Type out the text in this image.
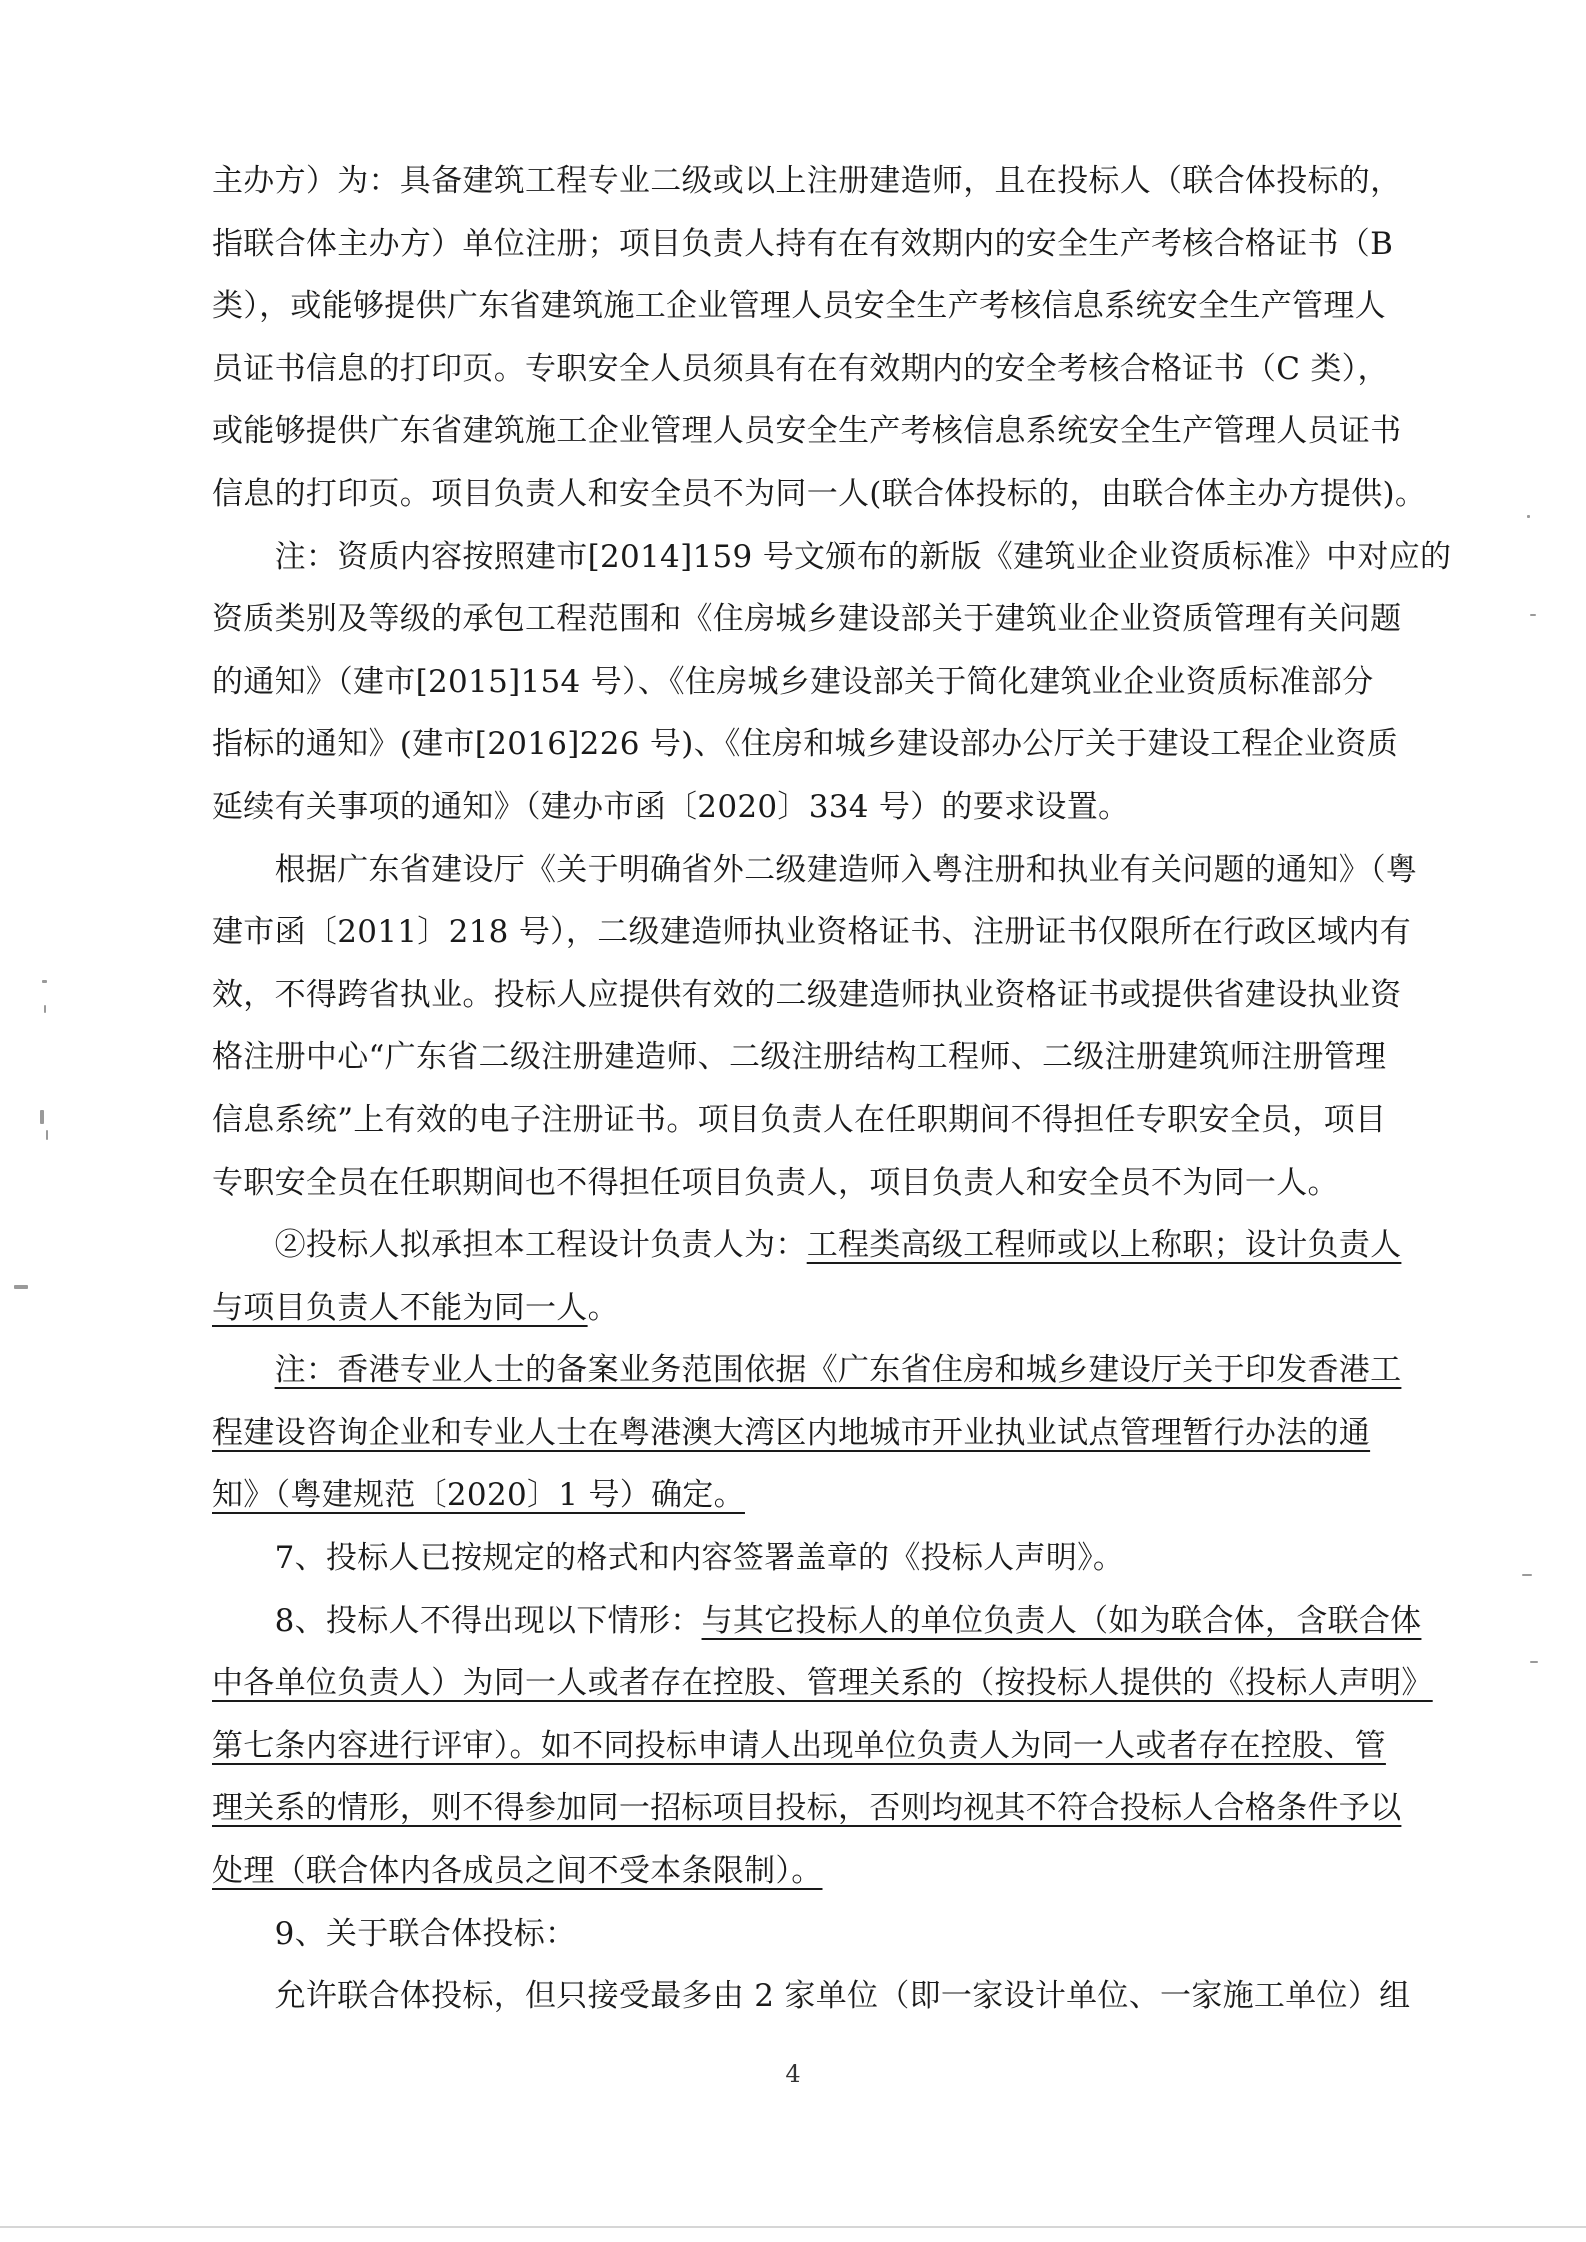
主办方）为：具备建筑工程专业二级或以上注册建造师，且在投标人（联合体投标的，
指联合体主办方）单位注册；项目负责人持有在有效期内的安全生产考核合格证书（B
类），或能够提供广东省建筑施工企业管理人员安全生产考核信息系统安全生产管理人
员证书信息的打印页。专职安全人员须具有在有效期内的安全考核合格证书（C 类），
或能够提供广东省建筑施工企业管理人员安全生产考核信息系统安全生产管理人员证书
信息的打印页。项目负责人和安全员不为同一人(联合体投标的，由联合体主办方提供)。
　　注：资质内容按照建市[2014]159 号文颁布的新版《建筑业企业资质标准》中对应的
资质类别及等级的承包工程范围和《住房城乡建设部关于建筑业企业资质管理有关问题
的通知》（建市[2015]154 号）、《住房城乡建设部关于简化建筑业企业资质标准部分
指标的通知》(建市[2016]226 号)、《住房和城乡建设部办公厅关于建设工程企业资质
延续有关事项的通知》（建办市函〔2020〕334 号）的要求设置。
　　根据广东省建设厅《关于明确省外二级建造师入粤注册和执业有关问题的通知》（粤
建市函〔2011〕218 号），二级建造师执业资格证书、注册证书仅限所在行政区域内有
效，不得跨省执业。投标人应提供有效的二级建造师执业资格证书或提供省建设执业资
格注册中心“广东省二级注册建造师、二级注册结构工程师、二级注册建筑师注册管理
信息系统”上有效的电子注册证书。项目负责人在任职期间不得担任专职安全员，项目
专职安全员在任职期间也不得担任项目负责人，项目负责人和安全员不为同一人。
　　②投标人拟承担本工程设计负责人为：工程类高级工程师或以上称职；设计负责人
与项目负责人不能为同一人。
　　注：香港专业人士的备案业务范围依据《广东省住房和城乡建设厅关于印发香港工
程建设咨询企业和专业人士在粤港澳大湾区内地城市开业执业试点管理暂行办法的通
知》（粤建规范〔2020〕1 号）确定。
　　7、投标人已按规定的格式和内容签署盖章的《投标人声明》。
　　8、投标人不得出现以下情形：与其它投标人的单位负责人（如为联合体，含联合体
中各单位负责人）为同一人或者存在控股、管理关系的（按投标人提供的《投标人声明》
第七条内容进行评审）。如不同投标申请人出现单位负责人为同一人或者存在控股、管
理关系的情形，则不得参加同一招标项目投标，否则均视其不符合投标人合格条件予以
处理（联合体内各成员之间不受本条限制）。
　　9、关于联合体投标：
　　允许联合体投标，但只接受最多由 2 家单位（即一家设计单位、一家施工单位）组
4
